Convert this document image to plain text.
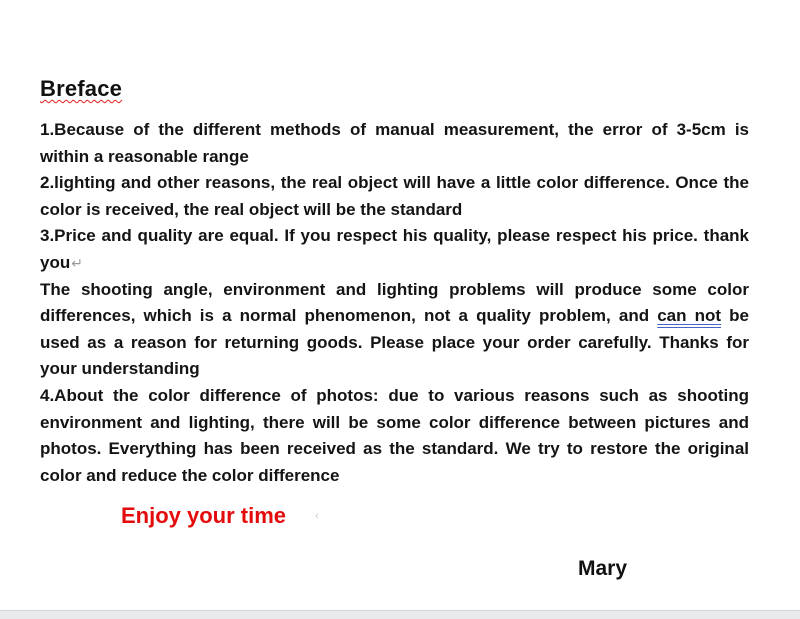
Breface

1.Because of the different methods of manual measurement, the error of 3-5cm is within a reasonable range

2.lighting and other reasons, the real object will have a little color difference. Once the color is received, the real object will be the standard

3.Price and quality are equal. If you respect his quality, please respect his price. thank you↵

The shooting angle, environment and lighting problems will produce some color differences, which is a normal phenomenon, not a quality problem, and can not be used as a reason for returning goods. Please place your order carefully. Thanks for your understanding

4.About the color difference of photos: due to various reasons such as shooting environment and lighting, there will be some color difference between pictures and photos. Everything has been received as the standard. We try to restore the original color and reduce the color difference

Enjoy your time	‹
Mary
